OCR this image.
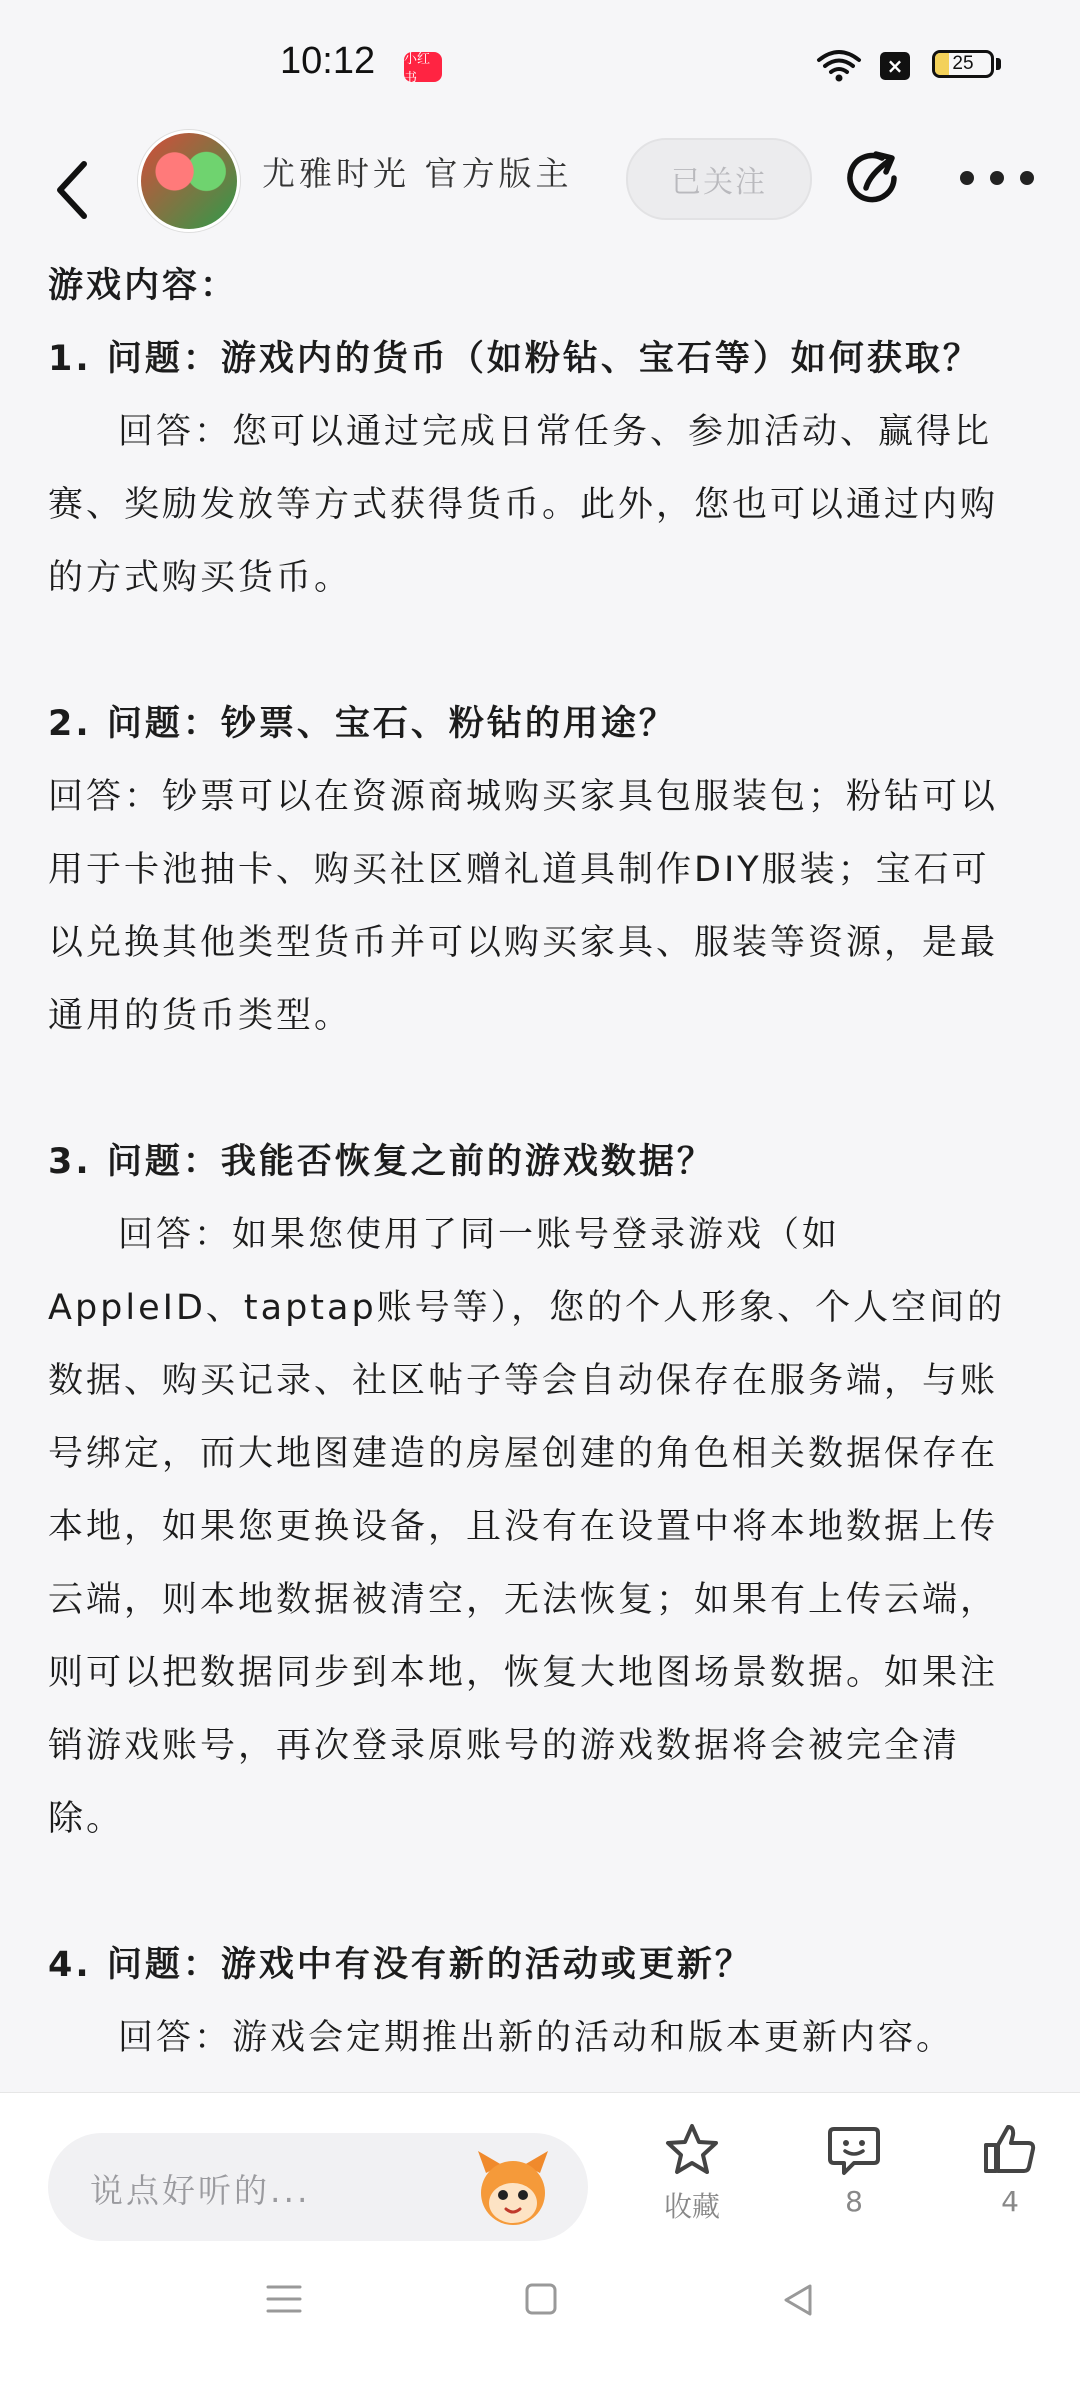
10:12 小红书
×	25
尤雅时光 官方版主	已关注

游戏内容：

1. 问题：游戏内的货币（如粉钻、宝石等）如何获取？

回答：您可以通过完成日常任务、参加活动、赢得比赛、奖励发放等方式获得货币。此外，您也可以通过内购的方式购买货币。

2. 问题：钞票、宝石、粉钻的用途？

回答：钞票可以在资源商城购买家具包服装包；粉钻可以用于卡池抽卡、购买社区赠礼道具制作DIY服装；宝石可以兑换其他类型货币并可以购买家具、服装等资源，是最通用的货币类型。

3. 问题：我能否恢复之前的游戏数据？

回答：如果您使用了同一账号登录游戏（如AppleID、taptap账号等），您的个人形象、个人空间的数据、购买记录、社区帖子等会自动保存在服务端，与账号绑定，而大地图建造的房屋创建的角色相关数据保存在本地，如果您更换设备，且没有在设置中将本地数据上传云端，则本地数据被清空，无法恢复；如果有上传云端，则可以把数据同步到本地，恢复大地图场景数据。如果注销游戏账号，再次登录原账号的游戏数据将会被完全清除。

4. 问题：游戏中有没有新的活动或更新？

回答：游戏会定期推出新的活动和版本更新内容。

说点好听的...	收藏	8	4
